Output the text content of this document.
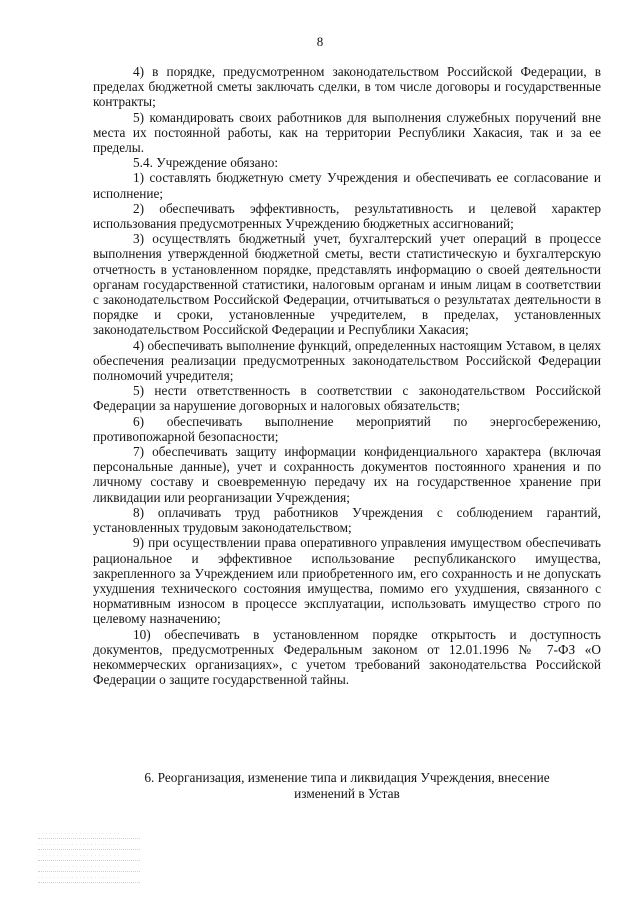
8

4) в порядке, предусмотренном законодательством Российской Федерации, в пределах бюджетной сметы заключать сделки, в том числе договоры и государственные контракты;

5) командировать своих работников для выполнения служебных поручений вне места их постоянной работы, как на территории Республики Хакасия, так и за ее пределы.

5.4. Учреждение обязано:

1) составлять бюджетную смету Учреждения и обеспечивать ее согласование и исполнение;

2) обеспечивать эффективность, результативность и целевой характер использования предусмотренных Учреждению бюджетных ассигнований;

3) осуществлять бюджетный учет, бухгалтерский учет операций в процессе выполнения утвержденной бюджетной сметы, вести статистическую и бухгалтерскую отчетность в установленном порядке, представлять информацию о своей деятельности органам государственной статистики, налоговым органам и иным лицам в соответствии с законодательством Российской Федерации, отчитываться о результатах деятельности в порядке и сроки, установленные учредителем, в пределах, установленных законодательством Российской Федерации и Республики Хакасия;

4) обеспечивать выполнение функций, определенных настоящим Уставом, в целях обеспечения реализации предусмотренных законодательством Российской Федерации полномочий учредителя;

5) нести ответственность в соответствии с законодательством Российской Федерации за нарушение договорных и налоговых обязательств;

6) обеспечивать выполнение мероприятий по энергосбережению, противопожарной безопасности;

7) обеспечивать защиту информации конфиденциального характера (включая персональные данные), учет и сохранность документов постоянного хранения и по личному составу и своевременную передачу их на государственное хранение при ликвидации или реорганизации Учреждения;

8) оплачивать труд работников Учреждения с соблюдением гарантий, установленных трудовым законодательством;

9) при осуществлении права оперативного управления имуществом обеспечивать рациональное и эффективное использование республиканского имущества, закрепленного за Учреждением или приобретенного им, его сохранность и не допускать ухудшения технического состояния имущества, помимо его ухудшения, связанного с нормативным износом в процессе эксплуатации, использовать имущество строго по целевому назначению;

10) обеспечивать в установленном порядке открытость и доступность документов, предусмотренных Федеральным законом от 12.01.1996 № 7-ФЗ «О некоммерческих организациях», с учетом требований законодательства Российской Федерации о защите государственной тайны.

6. Реорганизация, изменение типа и ликвидация Учреждения, внесение
изменений в Устав
· · · · · · · · · · · · · · · · · · · · · ·
· · · · · · · · · · · · · · · · · · · · · ·
· · · · · · · · · · · · · · · · · · · · · ·
· · · · · · · · · · · · · · · · · · · · · ·
· · · · · · · · · · · · · · · · · · · · · ·
